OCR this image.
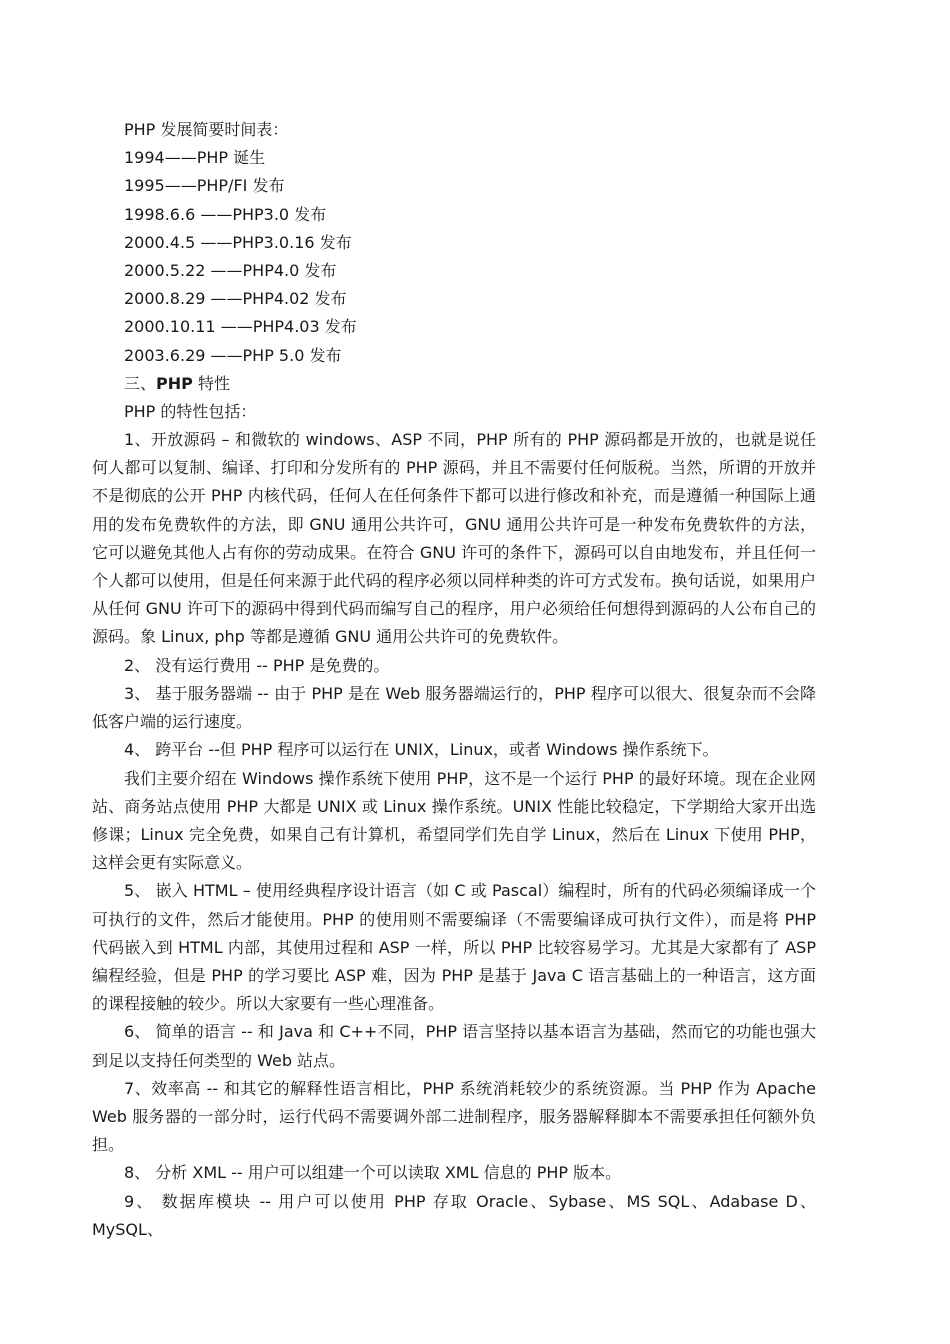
PHP 发展简要时间表：
1994——PHP 诞生
1995——PHP/FI 发布
1998.6.6 ——PHP3.0 发布
2000.4.5 ——PHP3.0.16 发布
2000.5.22 ——PHP4.0 发布
2000.8.29 ——PHP4.02 发布
2000.10.11 ——PHP4.03 发布
2003.6.29 ——PHP 5.0 发布
三、PHP 特性
PHP 的特性包括：

1、开放源码 – 和微软的 windows、ASP 不同，PHP 所有的 PHP 源码都是开放的，也就是说任何人都可以复制、编译、打印和分发所有的 PHP 源码，并且不需要付任何版税。当然，所谓的开放并不是彻底的公开 PHP 内核代码，任何人在任何条件下都可以进行修改和补充，而是遵循一种国际上通用的发布免费软件的方法，即 GNU 通用公共许可，GNU 通用公共许可是一种发布免费软件的方法，它可以避免其他人占有你的劳动成果。在符合 GNU 许可的条件下，源码可以自由地发布，并且任何一个人都可以使用，但是任何来源于此代码的程序必须以同样种类的许可方式发布。换句话说，如果用户从任何 GNU 许可下的源码中得到代码而编写自己的程序，用户必须给任何想得到源码的人公布自己的源码。象 Linux, php 等都是遵循 GNU 通用公共许可的免费软件。

2、 没有运行费用 -- PHP 是免费的。

3、 基于服务器端 -- 由于 PHP 是在 Web 服务器端运行的，PHP 程序可以很大、很复杂而不会降低客户端的运行速度。

4、 跨平台 --但 PHP 程序可以运行在 UNIX，Linux，或者 Windows 操作系统下。

我们主要介绍在 Windows 操作系统下使用 PHP，这不是一个运行 PHP 的最好环境。现在企业网站、商务站点使用 PHP 大都是 UNIX 或 Linux 操作系统。UNIX 性能比较稳定，下学期给大家开出选修课；Linux 完全免费，如果自己有计算机，希望同学们先自学 Linux，然后在 Linux 下使用 PHP，这样会更有实际意义。

5、 嵌入 HTML – 使用经典程序设计语言（如 C 或 Pascal）编程时，所有的代码必须编译成一个可执行的文件，然后才能使用。PHP 的使用则不需要编译（不需要编译成可执行文件），而是将 PHP 代码嵌入到 HTML 内部，其使用过程和 ASP 一样，所以 PHP 比较容易学习。尤其是大家都有了 ASP 编程经验，但是 PHP 的学习要比 ASP 难，因为 PHP 是基于 Java C 语言基础上的一种语言，这方面的课程接触的较少。所以大家要有一些心理准备。

6、 简单的语言 -- 和 Java 和 C++不同，PHP 语言坚持以基本语言为基础，然而它的功能也强大到足以支持任何类型的 Web 站点。

7、效率高 -- 和其它的解释性语言相比，PHP 系统消耗较少的系统资源。当 PHP 作为 Apache Web 服务器的一部分时，运行代码不需要调外部二进制程序，服务器解释脚本不需要承担任何额外负担。

8、 分析 XML -- 用户可以组建一个可以读取 XML 信息的 PHP 版本。

9、 数据库模块 -- 用户可以使用 PHP 存取 Oracle、Sybase、MS SQL、Adabase D、MySQL、
